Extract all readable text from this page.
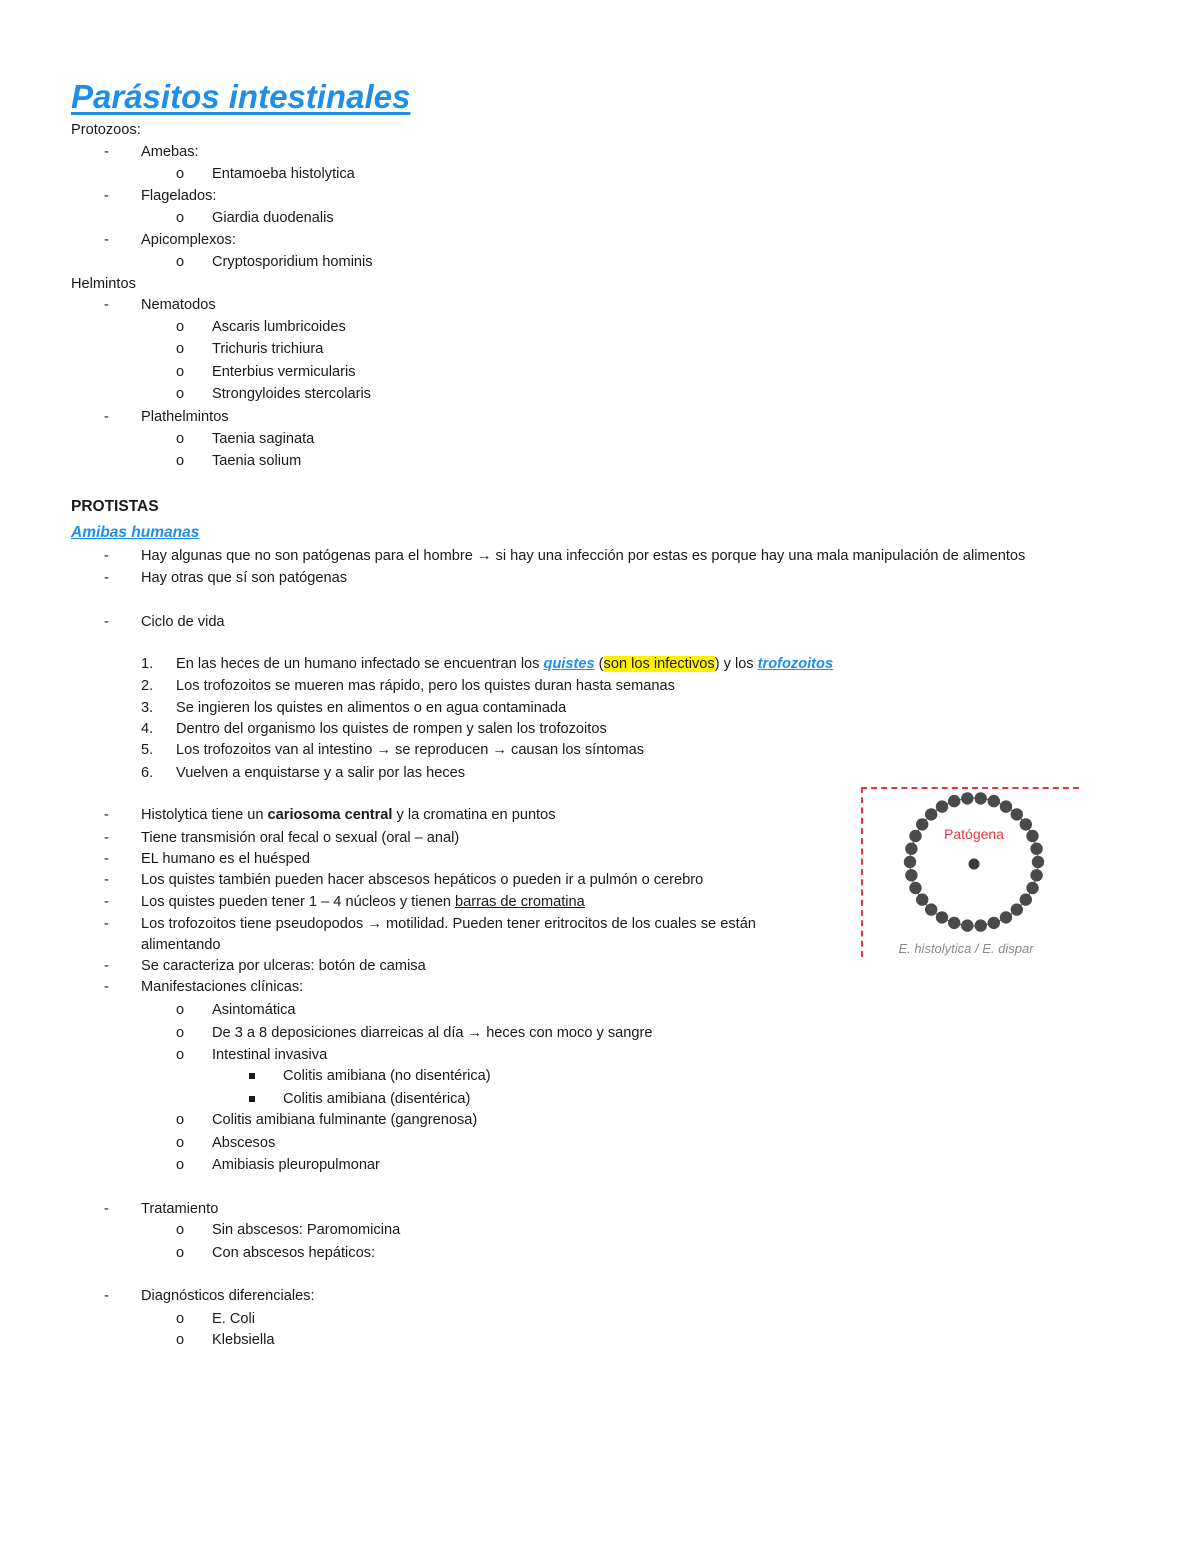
Parásitos intestinales
Protozoos:
- Amebas:
o Entamoeba histolytica
- Flagelados:
o Giardia duodenalis
- Apicomplexos:
o Cryptosporidium hominis
Helmintos
- Nematodos
o Ascaris lumbricoides
o Trichuris trichiura
o Enterbius vermicularis
o Strongyloides stercolaris
- Plathelmintos
o Taenia saginata
o Taenia solium
PROTISTAS
Amibas humanas
- Hay algunas que no son patógenas para el hombre → si hay una infección por estas es porque hay una mala manipulación de alimentos
- Hay otras que sí son patógenas
- Ciclo de vida
1. En las heces de un humano infectado se encuentran los quistes (son los infectivos) y los trofozoitos
2. Los trofozoitos se mueren mas rápido, pero los quistes duran hasta semanas
3. Se ingieren los quistes en alimentos o en agua contaminada
4. Dentro del organismo los quistes de rompen y salen los trofozoitos
5. Los trofozoitos van al intestino → se reproducen → causan los síntomas
6. Vuelven a enquistarse y a salir por las heces
- Histolytica tiene un cariosoma central y la cromatina en puntos
- Tiene transmisión oral fecal o sexual (oral – anal)
- EL humano es el huésped
- Los quistes también pueden hacer abscesos hepáticos o pueden ir a pulmón o cerebro
- Los quistes pueden tener 1 – 4 núcleos y tienen barras de cromatina
- Los trofozoitos tiene pseudopodos → motilidad. Pueden tener eritrocitos de los cuales se están
alimentando
- Se caracteriza por ulceras: botón de camisa
- Manifestaciones clínicas:
o Asintomática
o De 3 a 8 deposiciones diarreicas al día → heces con moco y sangre
o Intestinal invasiva
Colitis amibiana (no disentérica)
Colitis amibiana (disentérica)
o Colitis amibiana fulminante (gangrenosa)
o Abscesos
o Amibiasis pleuropulmonar
- Tratamiento
o Sin abscesos: Paromomicina
o Con abscesos hepáticos:
- Diagnósticos diferenciales:
o E. Coli
o Klebsiella
Patógena
E. histolytica / E. dispar
